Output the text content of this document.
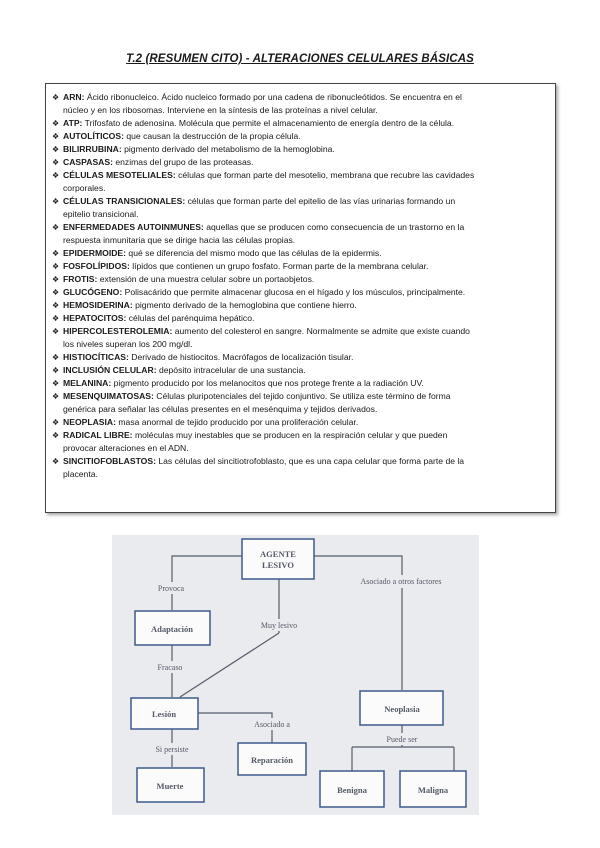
T.2 (RESUMEN CITO) - ALTERACIONES CELULARES BÁSICAS
❖ ARN: Ácido ribonucleico. Ácido nucleico formado por una cadena de ribonucleótidos. Se encuentra en el
núcleo y en los ribosomas. Interviene en la síntesis de las proteínas a nivel celular.
❖ ATP: Trifosfato de adenosina. Molécula que permite el almacenamiento de energía dentro de la célula.
❖ AUTOLÍTICOS: que causan la destrucción de la propia célula.
❖ BILIRRUBINA: pigmento derivado del metabolismo de la hemoglobina.
❖ CASPASAS: enzimas del grupo de las proteasas.
❖ CÉLULAS MESOTELIALES: células que forman parte del mesotelio, membrana que recubre las cavidades
corporales.
❖ CÉLULAS TRANSICIONALES: células que forman parte del epitelio de las vías urinarias formando un
epitelio transicional.
❖ ENFERMEDADES AUTOINMUNES: aquellas que se producen como consecuencia de un trastorno en la
respuesta inmunitaria que se dirige hacia las células propias.
❖ EPIDERMOIDE: qué se diferencia del mismo modo que las células de la epidermis.
❖ FOSFOLÍPIDOS: lípidos que contienen un grupo fosfato. Forman parte de la membrana celular.
❖ FROTIS: extensión de una muestra celular sobre un portaobjetos.
❖ GLUCÓGENO: Polisacárido que permite almacenar glucosa en el hígado y los músculos, principalmente.
❖ HEMOSIDERINA: pigmento derivado de la hemoglobina que contiene hierro.
❖ HEPATOCITOS: células del parénquima hepático.
❖ HIPERCOLESTEROLEMIA: aumento del colesterol en sangre. Normalmente se admite que existe cuando
los niveles superan los 200 mg/dl.
❖ HISTIOCÍTICAS: Derivado de histiocitos. Macrófagos de localización tisular.
❖ INCLUSIÓN CELULAR: depósito intracelular de una sustancia.
❖ MELANINA: pigmento producido por los melanocitos que nos protege frente a la radiación UV.
❖ MESENQUIMATOSAS: Células pluripotenciales del tejido conjuntivo. Se utiliza este término de forma
genérica para señalar las células presentes en el mesénquima y tejidos derivados.
❖ NEOPLASIA: masa anormal de tejido producido por una proliferación celular.
❖ RADICAL LIBRE: moléculas muy inestables que se producen en la respiración celular y que pueden
provocar alteraciones en el ADN.
❖ SINCITIOFOBLASTOS: Las células del sincitiotrofoblasto, que es una capa celular que forma parte de la
placenta.
AGENTE
LESIVO
Adaptación
Lesión
Reparación
Muerte
Neoplasia
Benigna	Maligna
Provoca
Muy lesivo
Asociado a otros factores
Fracaso
Asociado a
Si persiste
Puede ser
